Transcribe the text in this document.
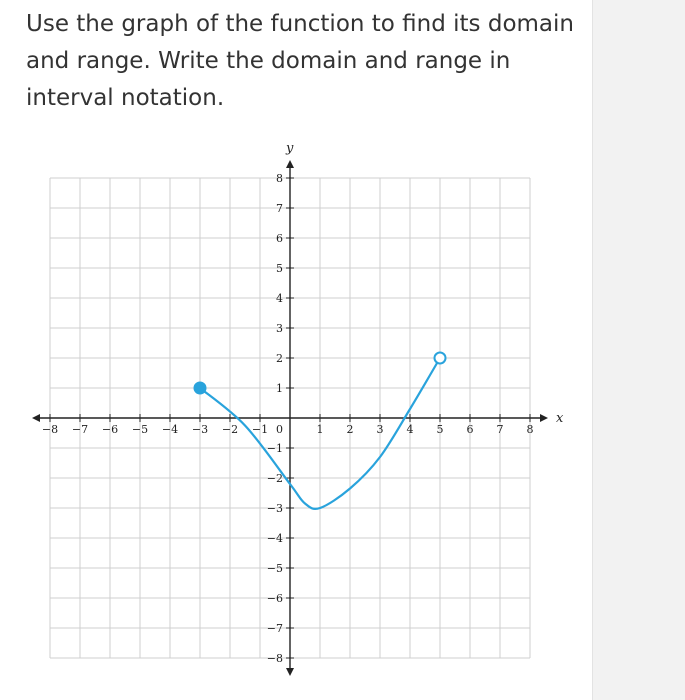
Use the graph of the function to find its domain and range. Write the domain and range in interval notation.

x
y
−8 −7 −6 −5 −4 −3 −2 −1	1 2 3 4 5 6 7 8
−8
−7
−6
−5
−4
−3
−2
−1
1
2
3
4
5
6
7
8
0
